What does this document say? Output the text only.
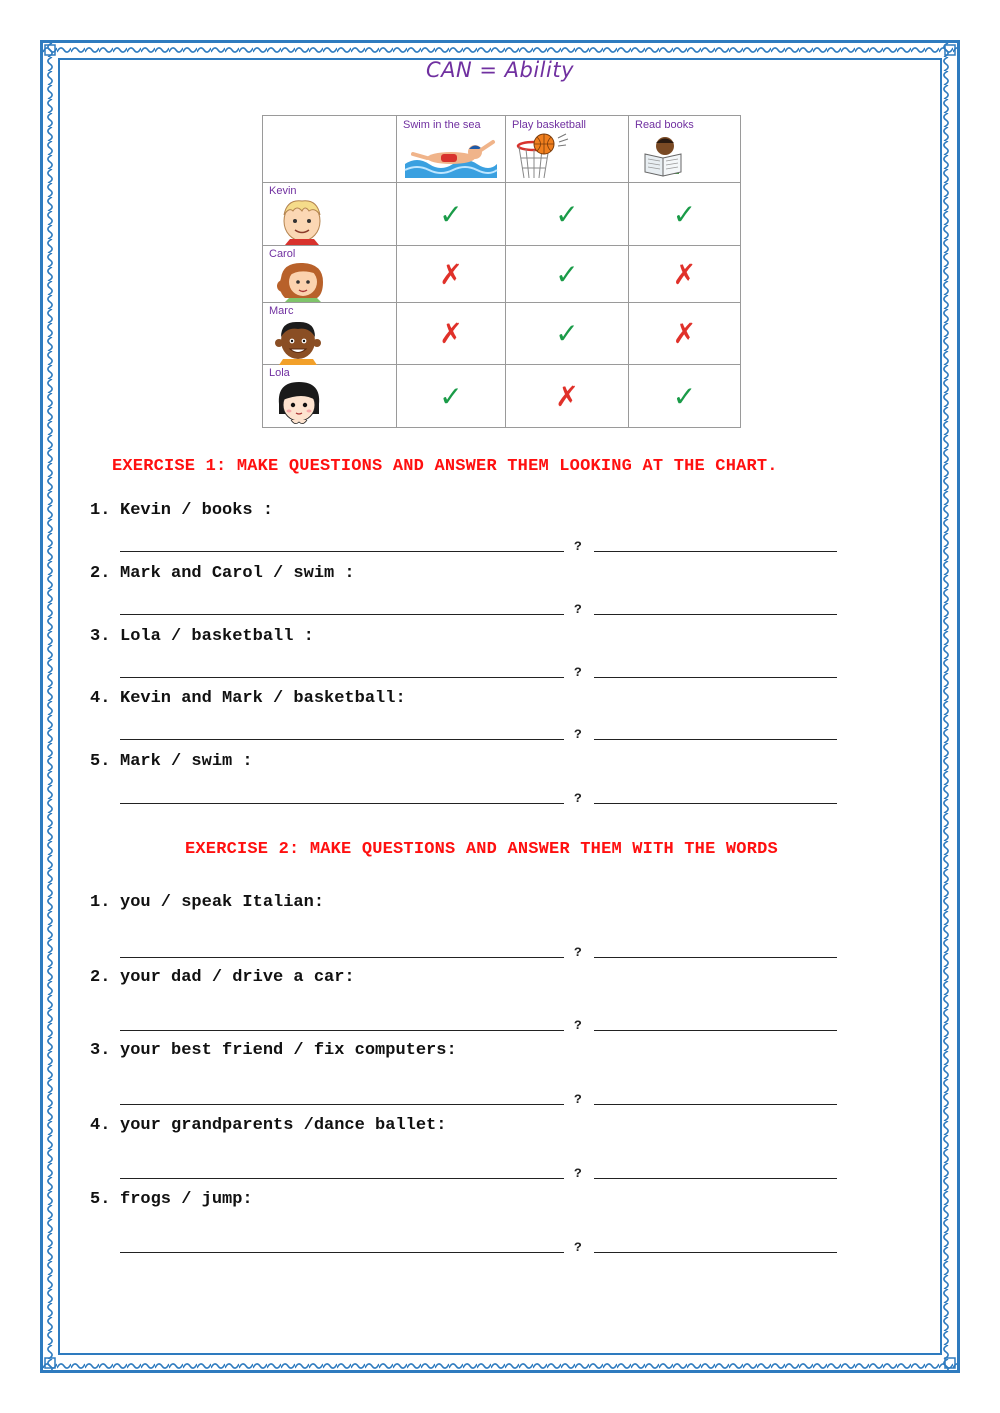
CAN = Ability

	Swim in the sea	Play basketball	Read books

Kevin	✓	✓	✓

Carol	✗	✓	✗

Marc	✗	✓	✗

Lola	✓	✗	✓
EXERCISE 1: MAKE QUESTIONS AND ANSWER THEM LOOKING AT THE CHART.
1. Kevin / books :
?
2. Mark and Carol / swim :
?
3. Lola / basketball :
?
4. Kevin and Mark / basketball:
?
5. Mark / swim :
?
EXERCISE 2: MAKE QUESTIONS AND ANSWER THEM WITH THE WORDS
1. you / speak Italian:
?
2. your dad / drive a car:
?
3. your best friend / fix computers:
?
4. your grandparents /dance ballet:
?
5. frogs / jump:
?
